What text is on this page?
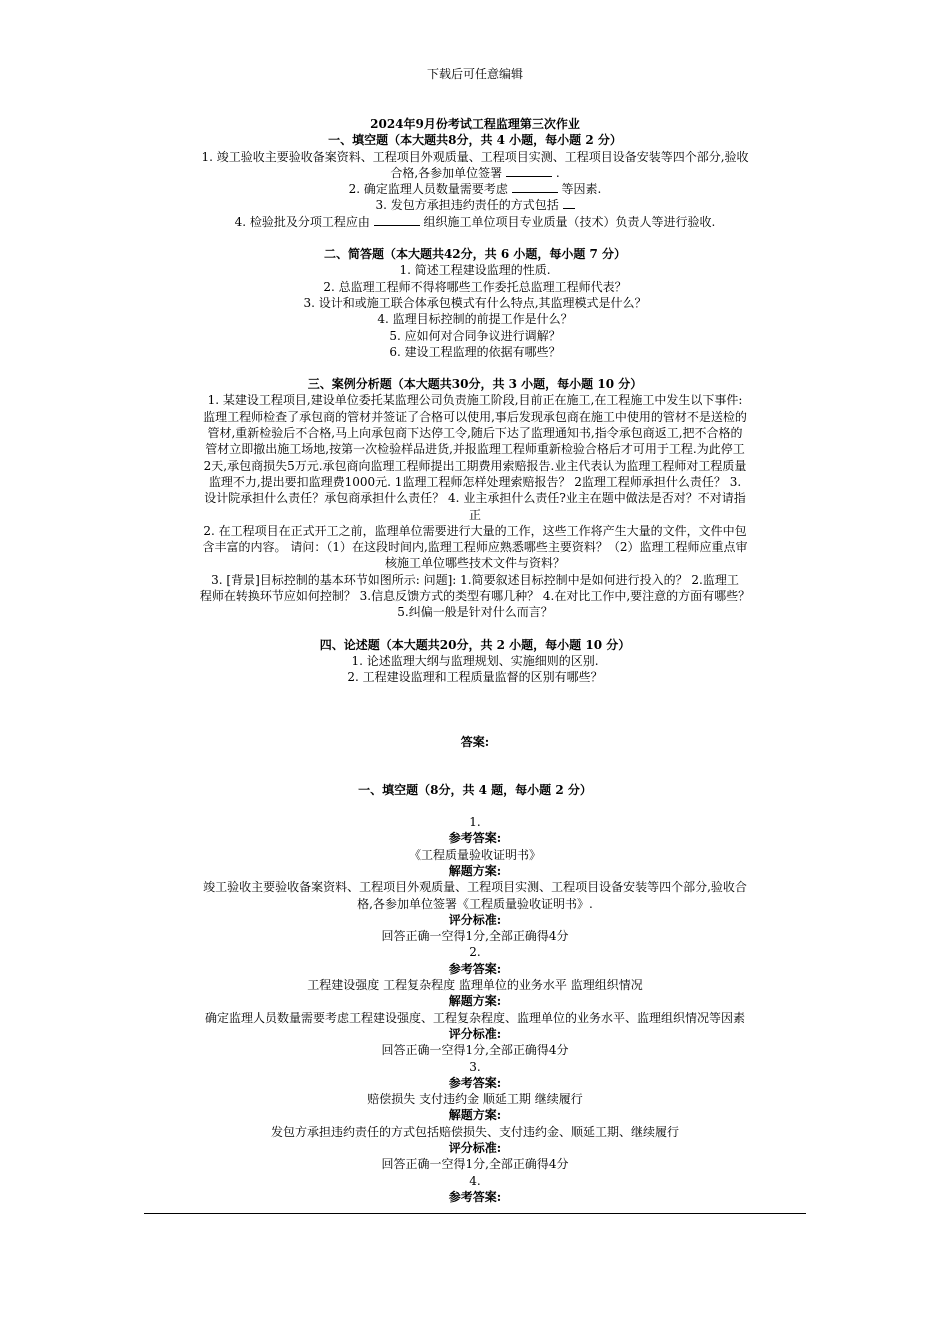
下载后可任意编辑

2024年9月份考试工程监理第三次作业

一、填空题（本大题共8分，共 4 小题，每小题 2 分）

1. 竣工验收主要验收备案资料、工程项目外观质量、工程项目实测、工程项目设备安装等四个部分,验收

合格,各参加单位签署	.

2. 确定监理人员数量需要考虑	等因素.

3. 发包方承担违约责任的方式包括

4. 检验批及分项工程应由	组织施工单位项目专业质量（技术）负责人等进行验收.

二、简答题（本大题共42分，共 6 小题，每小题 7 分）

1. 简述工程建设监理的性质.

2. 总监理工程师不得将哪些工作委托总监理工程师代表？

3. 设计和或施工联合体承包模式有什么特点,其监理模式是什么？

4. 监理目标控制的前提工作是什么？

5. 应如何对合同争议进行调解？

6. 建设工程监理的依据有哪些？

三、案例分析题（本大题共30分，共 3 小题，每小题 10 分）

1. 某建设工程项目,建设单位委托某监理公司负责施工阶段,目前正在施工,在工程施工中发生以下事件:

监理工程师检查了承包商的管材并签证了合格可以使用,事后发现承包商在施工中使用的管材不是送检的

管材,重新检验后不合格,马上向承包商下达停工令,随后下达了监理通知书,指令承包商返工,把不合格的

管材立即撤出施工场地,按第一次检验样品进货,并报监理工程师重新检验合格后才可用于工程.为此停工

2天,承包商损失5万元.承包商向监理工程师提出工期费用索赔报告.业主代表认为监理工程师对工程质量

监理不力,提出要扣监理费1000元. 1监理工程师怎样处理索赔报告？ 2监理工程师承担什么责任？ 3.

设计院承担什么责任？承包商承担什么责任？ 4. 业主承担什么责任?业主在题中做法是否对？不对请指

正

2. 在工程项目在正式开工之前，监理单位需要进行大量的工作，这些工作将产生大量的文件，文件中包

含丰富的内容。 请问：（1）在这段时间内,监理工程师应熟悉哪些主要资料？（2）监理工程师应重点审

核施工单位哪些技术文件与资料？

3. [背景]目标控制的基本环节如图所示: 问题]: 1.简要叙述目标控制中是如何进行投入的？ 2.监理工

程师在转换环节应如何控制？ 3.信息反馈方式的类型有哪几种？ 4.在对比工作中,要注意的方面有哪些？

5.纠偏一般是针对什么而言？

四、论述题（本大题共20分，共 2 小题，每小题 10 分）

1. 论述监理大纲与监理规划、实施细则的区别.

2. 工程建设监理和工程质量监督的区别有哪些？

答案:

一、填空题（8分，共 4 题，每小题 2 分）

1.

参考答案:

《工程质量验收证明书》

解题方案:

竣工验收主要验收备案资料、工程项目外观质量、工程项目实测、工程项目设备安装等四个部分,验收合

格,各参加单位签署《工程质量验收证明书》.

评分标准:

回答正确一空得1分,全部正确得4分

2.

参考答案:

工程建设强度 工程复杂程度 监理单位的业务水平 监理组织情况

解题方案:

确定监理人员数量需要考虑工程建设强度、工程复杂程度、监理单位的业务水平、监理组织情况等因素

评分标准:

回答正确一空得1分,全部正确得4分

3.

参考答案:

赔偿损失 支付违约金 顺延工期 继续履行

解题方案:

发包方承担违约责任的方式包括赔偿损失、支付违约金、顺延工期、继续履行

评分标准:

回答正确一空得1分,全部正确得4分

4.

参考答案:
